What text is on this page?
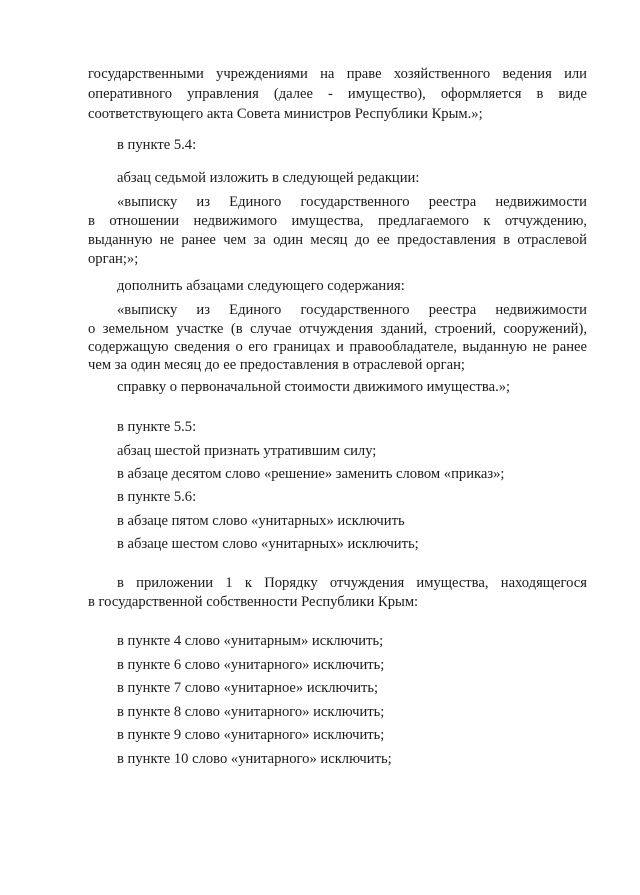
государственными учреждениями на праве хозяйственного ведения или

оперативного управления (далее - имущество), оформляется в виде

соответствующего акта Совета министров Республики Крым.»;

в пункте 5.4:

абзац седьмой изложить в следующей редакции:

«выписку из Единого государственного реестра недвижимости

в отношении недвижимого имущества, предлагаемого к отчуждению,

выданную не ранее чем за один месяц до ее предоставления в отраслевой

орган;»;

дополнить абзацами следующего содержания:

«выписку из Единого государственного реестра недвижимости

о земельном участке (в случае отчуждения зданий, строений, сооружений),

содержащую сведения о его границах и правообладателе, выданную не ранее

чем за один месяц до ее предоставления в отраслевой орган;

справку о первоначальной стоимости движимого имущества.»;

в пункте 5.5:

абзац шестой признать утратившим силу;

в абзаце десятом слово «решение» заменить словом «приказ»;

в пункте 5.6:

в абзаце пятом слово «унитарных» исключить

в абзаце шестом слово «унитарных» исключить;

в приложении 1 к Порядку отчуждения имущества, находящегося

в государственной собственности Республики Крым:

в пункте 4 слово «унитарным» исключить;

в пункте 6 слово «унитарного» исключить;

в пункте 7 слово «унитарное» исключить;

в пункте 8 слово «унитарного» исключить;

в пункте 9 слово «унитарного» исключить;

в пункте 10 слово «унитарного» исключить;
